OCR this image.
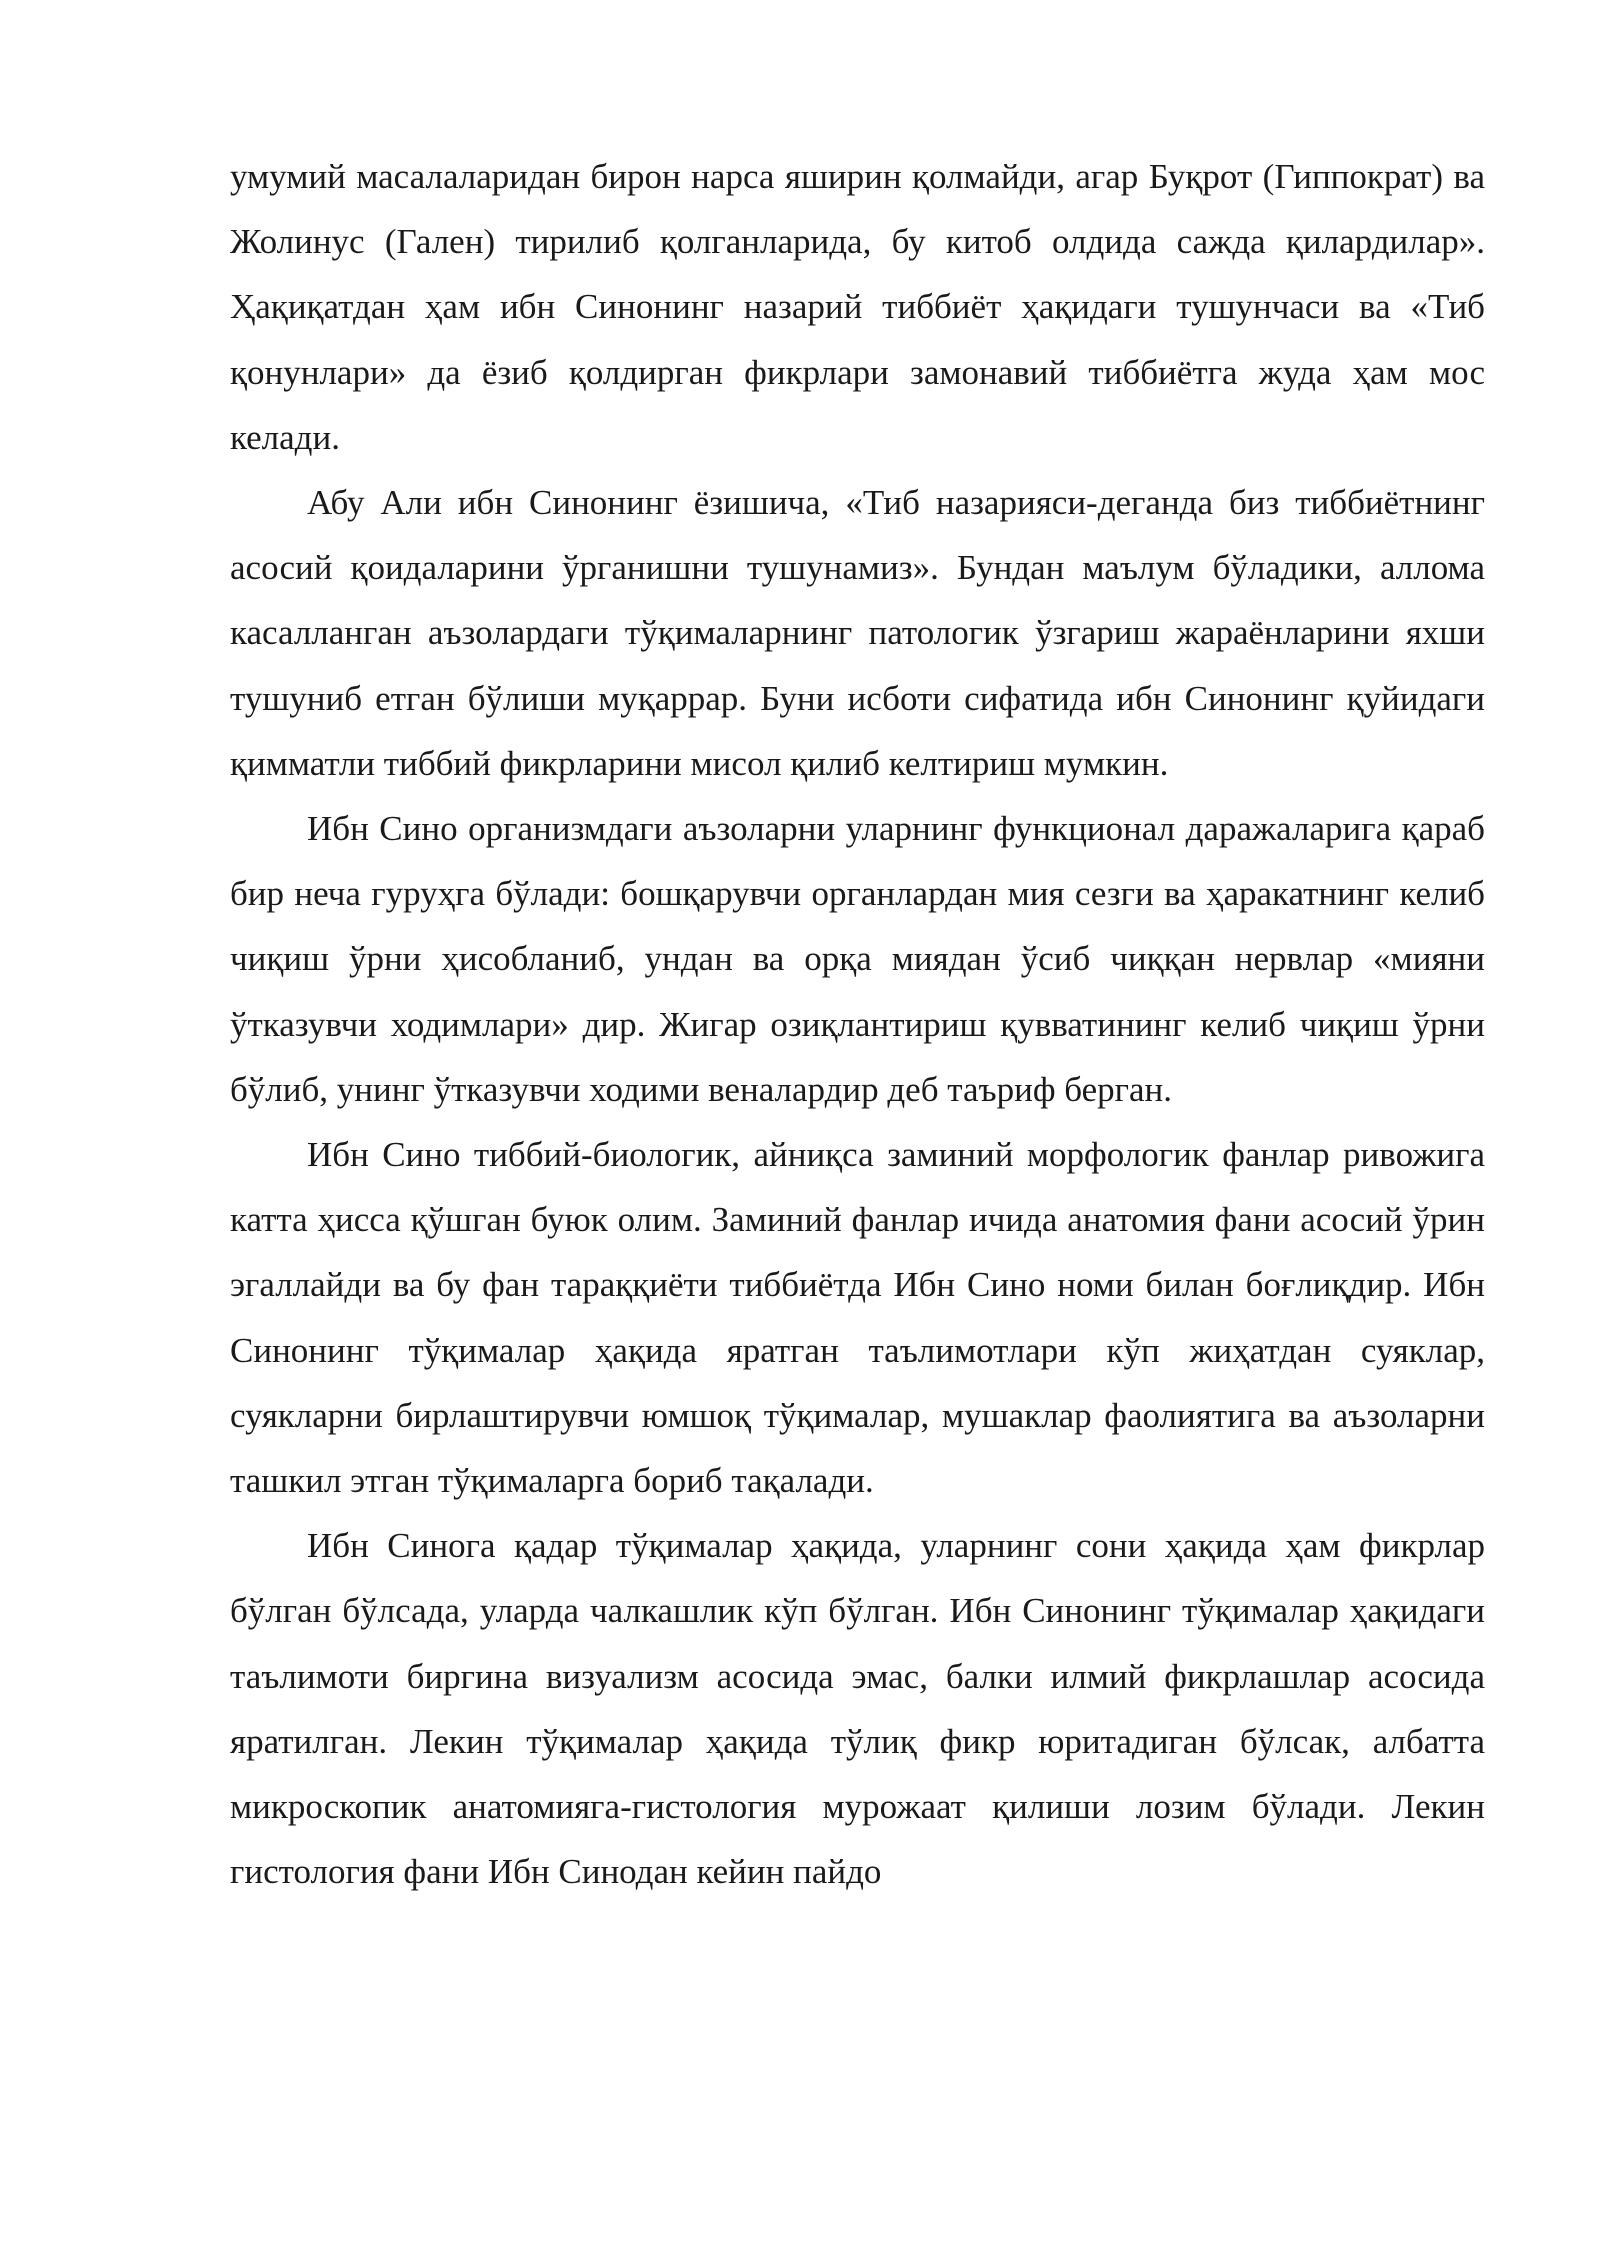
умумий масалаларидан бирон нарса яширин қолмайди, агар Буқрот (Гиппократ) ва Жолинус (Гален) тирилиб қолганларида, бу китоб олдида сажда қилардилар». Ҳақиқатдан ҳам ибн Синонинг назарий тиббиёт ҳақидаги тушунчаси ва «Тиб қонунлари» да ёзиб қолдирган фикрлари замонавий тиббиётга жуда ҳам мос келади.

Абу Али ибн Синонинг ёзишича, «Тиб назарияси-деганда биз тиббиётнинг асосий қоидаларини ўрганишни тушунамиз». Бундан маълум бўладики, аллома касалланган аъзолардаги тўқималарнинг патологик ўзгариш жараёнларини яхши тушуниб етган бўлиши муқаррар. Буни исботи сифатида ибн Синонинг қуйидаги қимматли тиббий фикрларини мисол қилиб келтириш мумкин.

Ибн Сино организмдаги аъзоларни уларнинг функционал даражаларига қараб бир неча гуруҳга бўлади: бошқарувчи органлардан мия сезги ва ҳаракатнинг келиб чиқиш ўрни ҳисобланиб, ундан ва орқа миядан ўсиб чиққан нервлар «мияни ўтказувчи ходимлари» дир. Жигар озиқлантириш қувватининг келиб чиқиш ўрни бўлиб, унинг ўтказувчи ходими веналардир деб таъриф берган.

Ибн Сино тиббий-биологик, айниқса заминий морфологик фанлар ривожига катта ҳисса қўшган буюк олим. Заминий фанлар ичида анатомия фани асосий ўрин эгаллайди ва бу фан тараққиёти тиббиётда Ибн Сино номи билан боғлиқдир. Ибн Синонинг тўқималар ҳақида яратган таълимотлари кўп жиҳатдан суяклар, суякларни бирлаштирувчи юмшоқ тўқималар, мушаклар фаолиятига ва аъзоларни ташкил этган тўқималарга бориб тақалади.

Ибн Синога қадар тўқималар ҳақида, уларнинг сони ҳақида ҳам фикрлар бўлган бўлсада, уларда чалкашлик кўп бўлган. Ибн Синонинг тўқималар ҳақидаги таълимоти биргина визуализм асосида эмас, балки илмий фикрлашлар асосида яратилган. Лекин тўқималар ҳақида тўлиқ фикр юритадиган бўлсак, албатта микроскопик анатомияга-гистология мурожаат қилиши лозим бўлади. Лекин гистология фани Ибн Синодан кейин пайдо
